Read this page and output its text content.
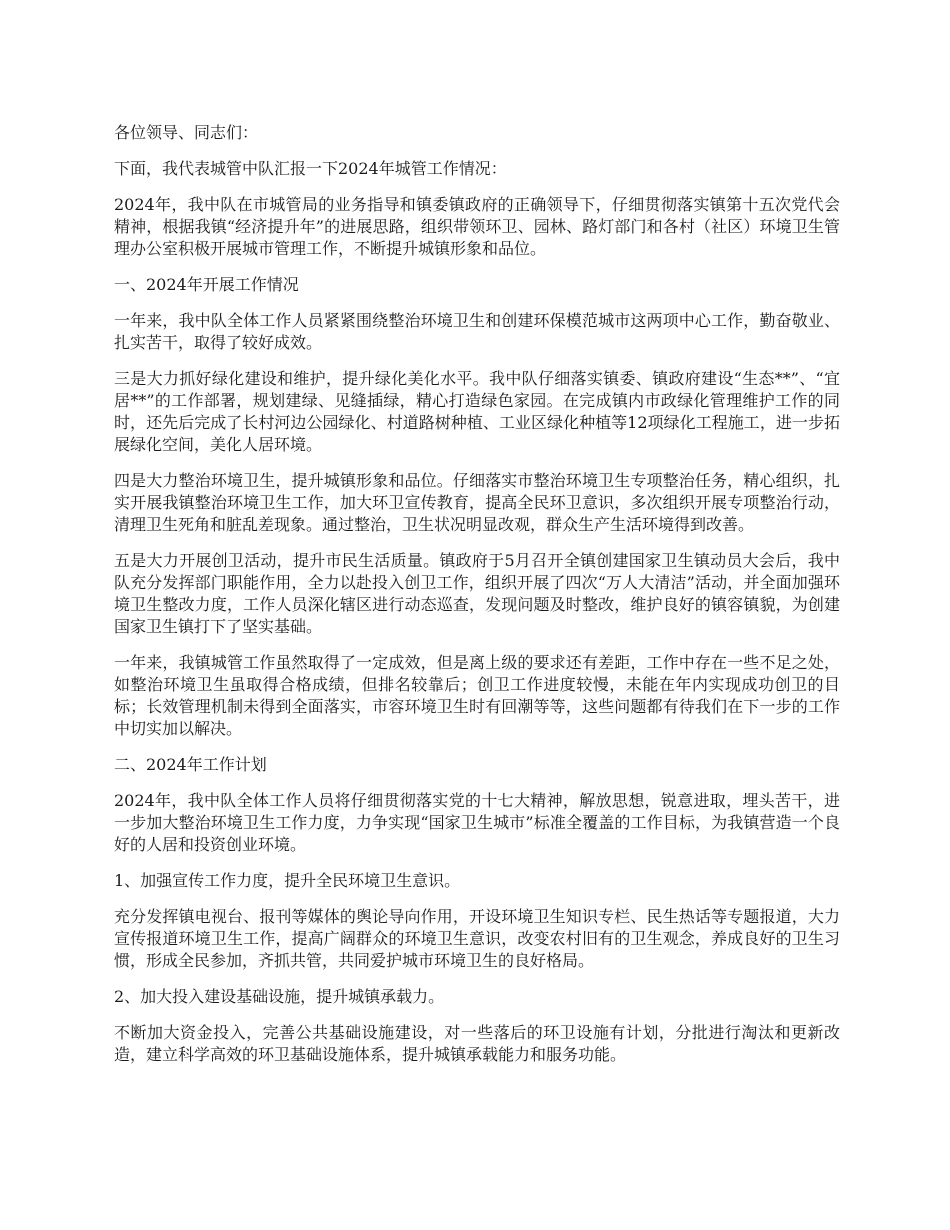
各位领导、同志们：

下面，我代表城管中队汇报一下2024年城管工作情况：

2024年，我中队在市城管局的业务指导和镇委镇政府的正确领导下，仔细贯彻落实镇第十五次党代会精神，根据我镇“经济提升年”的进展思路，组织带领环卫、园林、路灯部门和各村（社区）环境卫生管理办公室积极开展城市管理工作，不断提升城镇形象和品位。

一、2024年开展工作情况

一年来，我中队全体工作人员紧紧围绕整治环境卫生和创建环保模范城市这两项中心工作，勤奋敬业、扎实苦干，取得了较好成效。

三是大力抓好绿化建设和维护，提升绿化美化水平。我中队仔细落实镇委、镇政府建设“生态**”、“宜居**”的工作部署，规划建绿、见缝插绿，精心打造绿色家园。在完成镇内市政绿化管理维护工作的同时，还先后完成了长村河边公园绿化、村道路树种植、工业区绿化种植等12项绿化工程施工，进一步拓展绿化空间，美化人居环境。

四是大力整治环境卫生，提升城镇形象和品位。仔细落实市整治环境卫生专项整治任务，精心组织，扎实开展我镇整治环境卫生工作，加大环卫宣传教育，提高全民环卫意识，多次组织开展专项整治行动，清理卫生死角和脏乱差现象。通过整治，卫生状况明显改观，群众生产生活环境得到改善。

五是大力开展创卫活动，提升市民生活质量。镇政府于5月召开全镇创建国家卫生镇动员大会后，我中队充分发挥部门职能作用，全力以赴投入创卫工作，组织开展了四次“万人大清洁”活动，并全面加强环境卫生整改力度，工作人员深化辖区进行动态巡查，发现问题及时整改，维护良好的镇容镇貌，为创建国家卫生镇打下了坚实基础。

一年来，我镇城管工作虽然取得了一定成效，但是离上级的要求还有差距，工作中存在一些不足之处，如整治环境卫生虽取得合格成绩，但排名较靠后；创卫工作进度较慢，未能在年内实现成功创卫的目标；长效管理机制未得到全面落实，市容环境卫生时有回潮等等，这些问题都有待我们在下一步的工作中切实加以解决。

二、2024年工作计划

2024年，我中队全体工作人员将仔细贯彻落实党的十七大精神，解放思想，锐意进取，埋头苦干，进一步加大整治环境卫生工作力度，力争实现“国家卫生城市”标准全覆盖的工作目标，为我镇营造一个良好的人居和投资创业环境。

1、加强宣传工作力度，提升全民环境卫生意识。

充分发挥镇电视台、报刊等媒体的舆论导向作用，开设环境卫生知识专栏、民生热话等专题报道，大力宣传报道环境卫生工作，提高广阔群众的环境卫生意识，改变农村旧有的卫生观念，养成良好的卫生习惯，形成全民参加，齐抓共管，共同爱护城市环境卫生的良好格局。

2、加大投入建设基础设施，提升城镇承载力。

不断加大资金投入，完善公共基础设施建设，对一些落后的环卫设施有计划，分批进行淘汰和更新改造，建立科学高效的环卫基础设施体系，提升城镇承载能力和服务功能。
